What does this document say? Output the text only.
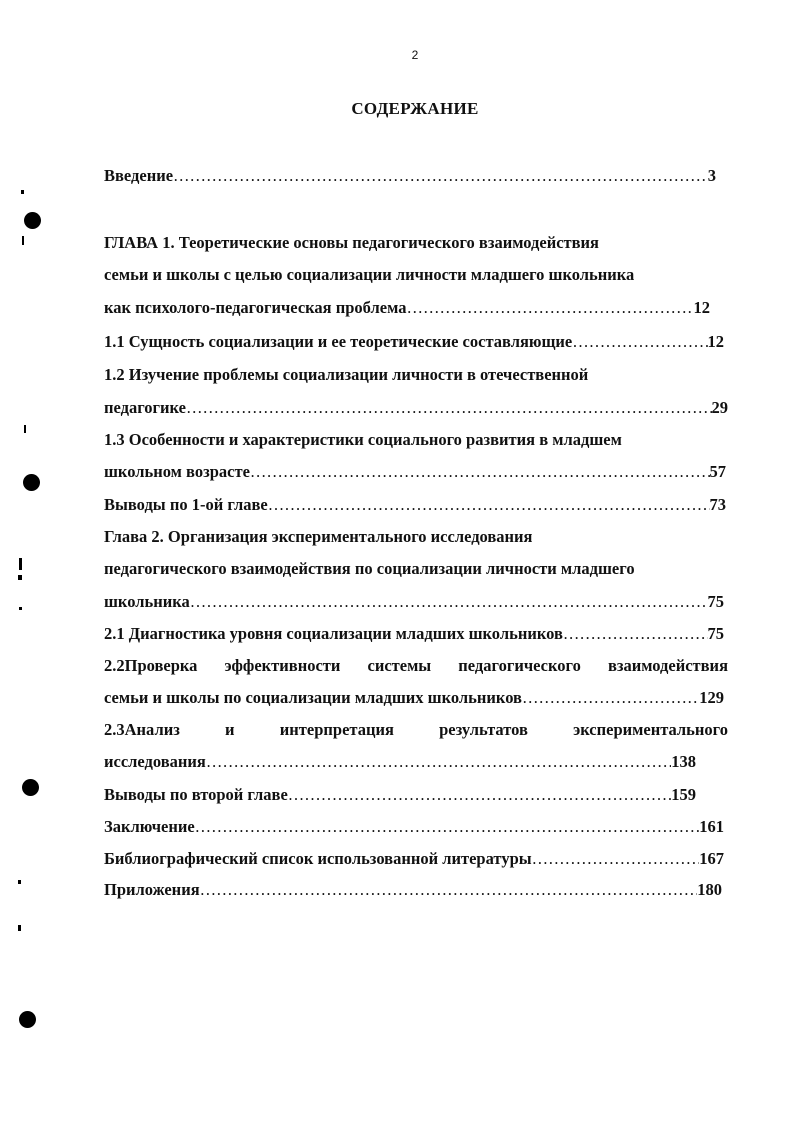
2
СОДЕРЖАНИЕ
Введение ……………………………………………………………………………………………………………………………………………………………………………………	3
ГЛАВА 1. Теоретические основы педагогического взаимодействия
семьи и школы с целью социализации личности младшего школьника
как психолого-педагогическая проблема ……………………………………………………………………………………………………………………………………………………………………………………	12
1.1 Сущность социализации и ее теоретические составляющие ……………………………………………………………………………………………………………………………………………………………………………………	12
1.2 Изучение проблемы социализации личности в отечественной
педагогике ……………………………………………………………………………………………………………………………………………………………………………………	29
1.3 Особенности и характеристики социального развития в младшем
школьном возрасте ……………………………………………………………………………………………………………………………………………………………………………………	57
Выводы по 1-ой главе ……………………………………………………………………………………………………………………………………………………………………………………	73
Глава 2. Организация экспериментального исследования
педагогического взаимодействия по социализации личности младшего
школьника ……………………………………………………………………………………………………………………………………………………………………………………	75
2.1 Диагностика уровня социализации младших школьников ……………………………………………………………………………………………………………………………………………………………………………………	75
2.2Проверка эффективности системы педагогического взаимодействия
семьи и школы по социализации младших школьников ……………………………………………………………………………………………………………………………………………………………………………………	129
2.3Анализ и интерпретация результатов экспериментального
исследования ……………………………………………………………………………………………………………………………………………………………………………………	138
Выводы по второй главе ……………………………………………………………………………………………………………………………………………………………………………………	159
Заключение ……………………………………………………………………………………………………………………………………………………………………………………	161
Библиографический список использованной литературы ……………………………………………………………………………………………………………………………………………………………………………………	167
Приложения ……………………………………………………………………………………………………………………………………………………………………………………	180
